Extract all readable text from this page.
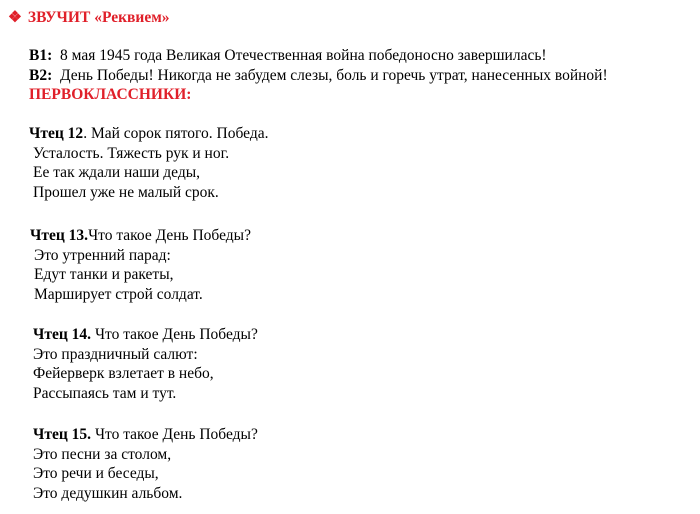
❖ ЗВУЧИТ «Реквием»
В1: 8 мая 1945 года Великая Отечественная война победоносно завершилась!
В2: День Победы! Никогда не забудем слезы, боль и горечь утрат, нанесенных войной!
ПЕРВОКЛАССНИКИ:
Чтец 12. Май сорок пятого. Победа.
Усталость. Тяжесть рук и ног.
Ее так ждали наши деды,
Прошел уже не малый срок.
Чтец 13.Что такое День Победы?
Это утренний парад:
Едут танки и ракеты,
Марширует строй солдат.
Чтец 14. Что такое День Победы?
Это праздничный салют:
Фейерверк взлетает в небо,
Рассыпаясь там и тут.
Чтец 15. Что такое День Победы?
Это песни за столом,
Это речи и беседы,
Это дедушкин альбом.
